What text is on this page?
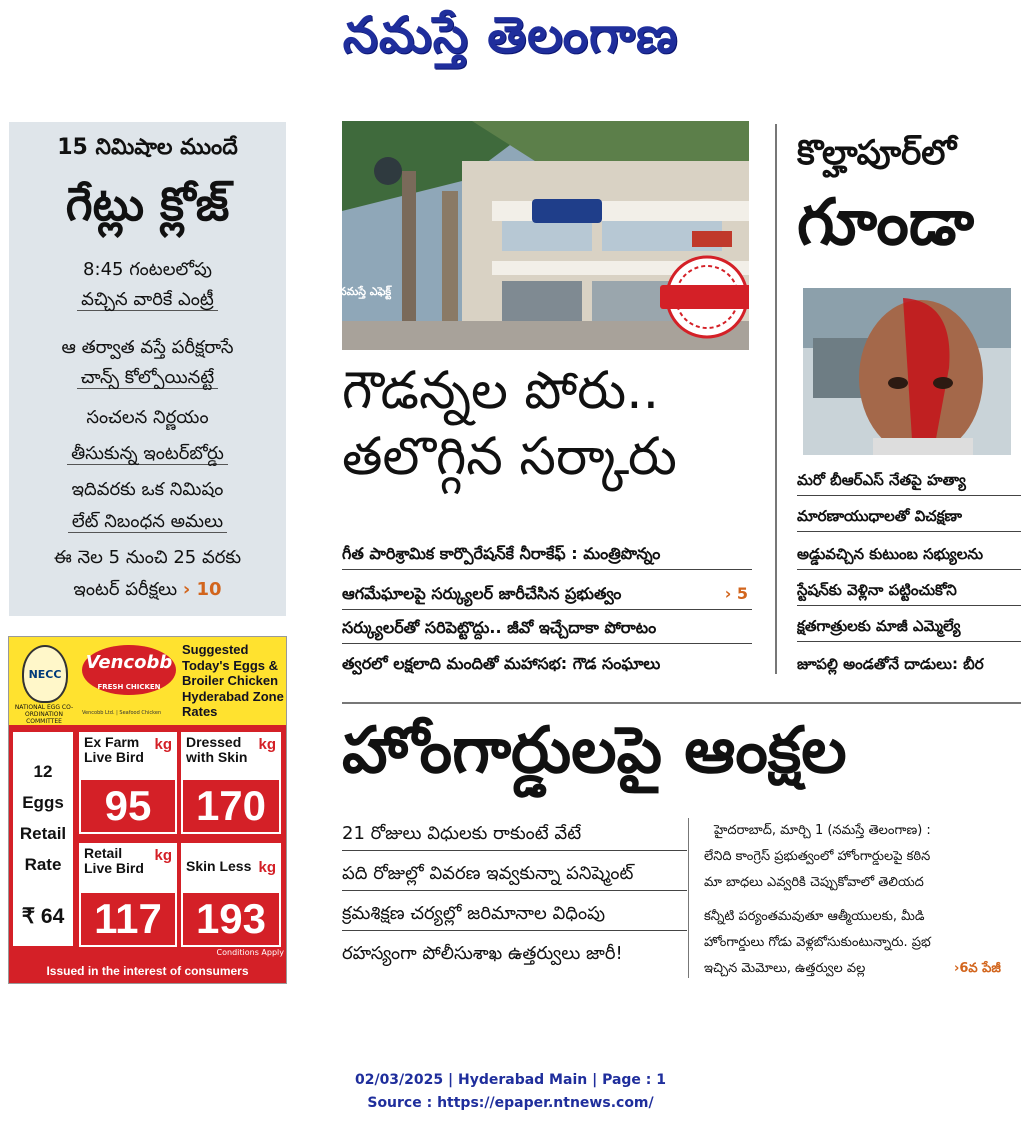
నమస్తే తెలంగాణ
15 నిమిషాల ముందే
గేట్లు క్లోజ్
8:45 గంటలలోపు
వచ్చిన వారికే ఎంట్రీ
ఆ తర్వాత వస్తే పరీక్షరాసే
చాన్స్ కోల్పోయినట్టే
సంచలన నిర్ణయం
తీసుకున్న ఇంటర్‌బోర్డు
ఇదివరకు ఒక నిమిషం
లేట్ నిబంధన అమలు
ఈ నెల 5 నుంచి 25 వరకు
ఇంటర్ పరీక్షలు › 10
NECC
NATIONAL EGG CO-ORDINATION COMMITTEE
Vencobb
FRESH CHICKEN
Vencobb Ltd. | Seafood Chicken
Suggested Today's Eggs & Broiler Chicken Hyderabad Zone Rates
12 Eggs Retail Rate
₹ 64
Ex Farm Live Bird
kg
95
Dressed with Skin
kg
170
Retail Live Bird
kg
117
Skin Less kg
193
Conditions Apply
Issued in the interest of consumers
నమస్తే ఎఫెక్ట్
గౌడన్నల పోరు..
తలొగ్గిన సర్కారు
గీత పారిశ్రామిక కార్పొరేషన్‌కే నీరాకేఫ్ : మంత్రిపొన్నం
ఆగమేఘాలపై సర్క్యులర్ జారీచేసిన ప్రభుత్వం	› 5
సర్క్యులర్‌తో సరిపెట్టొద్దు.. జీవో ఇచ్చేదాకా పోరాటం
త్వరలో లక్షలాది మందితో మహాసభ: గౌడ సంఘాలు
కొల్హాపూర్‌లో
గూండా
మరో బీఆర్‌ఎస్ నేతపై హత్యా
మారణాయుధాలతో విచక్షణా
అడ్డువచ్చిన కుటుంబ సభ్యులను
స్టేషన్‌కు వెళ్లినా పట్టించుకోని
క్షతగాత్రులకు మాజీ ఎమ్మెల్యే
జూపల్లి అండతోనే దాడులు: బీర
హోంగార్డులపై ఆంక్షల
21 రోజులు విధులకు రాకుంటే వేటే
పది రోజుల్లో వివరణ ఇవ్వకున్నా పనిష్మెంట్
క్రమశిక్షణ చర్యల్లో జరిమానాల విధింపు
రహస్యంగా పోలీసుశాఖ ఉత్తర్వులు జారీ!
హైదరాబాద్, మార్చి 1 (నమస్తే తెలంగాణ) :
లేనిది కాంగ్రెస్ ప్రభుత్వంలో హోంగార్డులపై కఠిన
మా బాధలు ఎవ్వరికి చెప్పుకోవాలో తెలియద
కన్నీటి పర్యంతమవుతూ ఆత్మీయులకు, మీడి
హోంగార్డులు గోడు వెళ్లబోసుకుంటున్నారు. ప్రభ
ఇచ్చిన మెమోలు, ఉత్తర్వుల వల్ల	›6వ పేజీ
02/03/2025 | Hyderabad Main | Page : 1
Source : https://epaper.ntnews.com/
